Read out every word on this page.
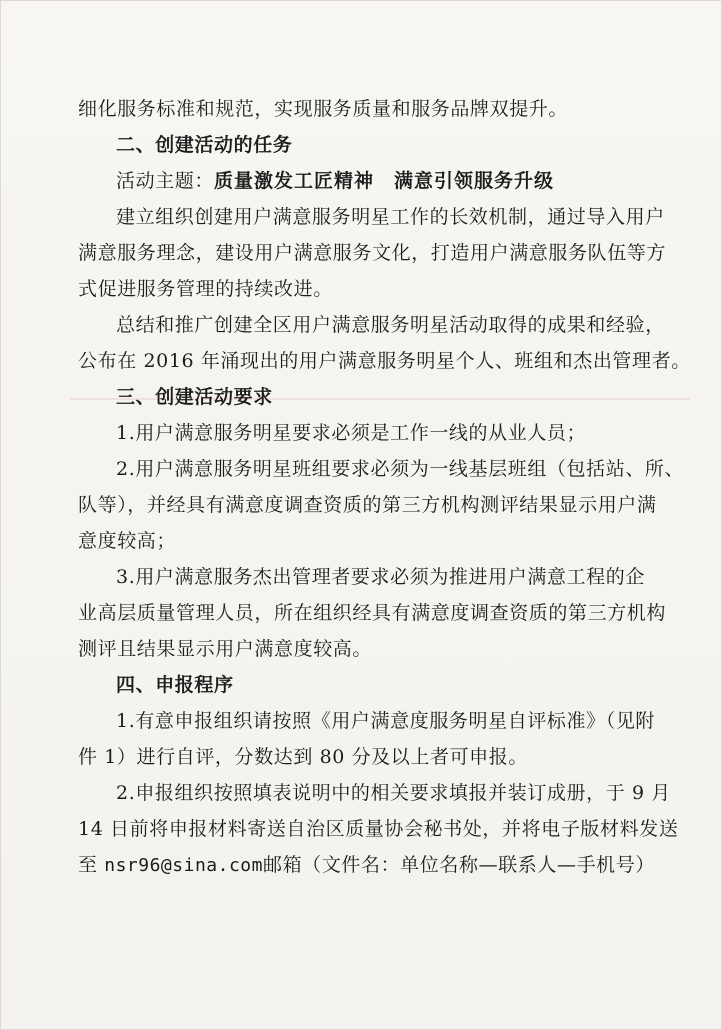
细化服务标准和规范，实现服务质量和服务品牌双提升。

二、创建活动的任务

活动主题：质量激发工匠精神　满意引领服务升级

建立组织创建用户满意服务明星工作的长效机制，通过导入用户

满意服务理念，建设用户满意服务文化，打造用户满意服务队伍等方

式促进服务管理的持续改进。

总结和推广创建全区用户满意服务明星活动取得的成果和经验，

公布在 2016 年涌现出的用户满意服务明星个人、班组和杰出管理者。

三、创建活动要求

1.用户满意服务明星要求必须是工作一线的从业人员；

2.用户满意服务明星班组要求必须为一线基层班组（包括站、所、

队等），并经具有满意度调查资质的第三方机构测评结果显示用户满

意度较高；

3.用户满意服务杰出管理者要求必须为推进用户满意工程的企

业高层质量管理人员，所在组织经具有满意度调查资质的第三方机构

测评且结果显示用户满意度较高。

四、申报程序

1.有意申报组织请按照《用户满意度服务明星自评标准》（见附

件 1）进行自评，分数达到 80 分及以上者可申报。

2.申报组织按照填表说明中的相关要求填报并装订成册，于 9 月

14 日前将申报材料寄送自治区质量协会秘书处，并将电子版材料发送

至 nsr96@sina.com邮箱（文件名：单位名称—联系人—手机号）
